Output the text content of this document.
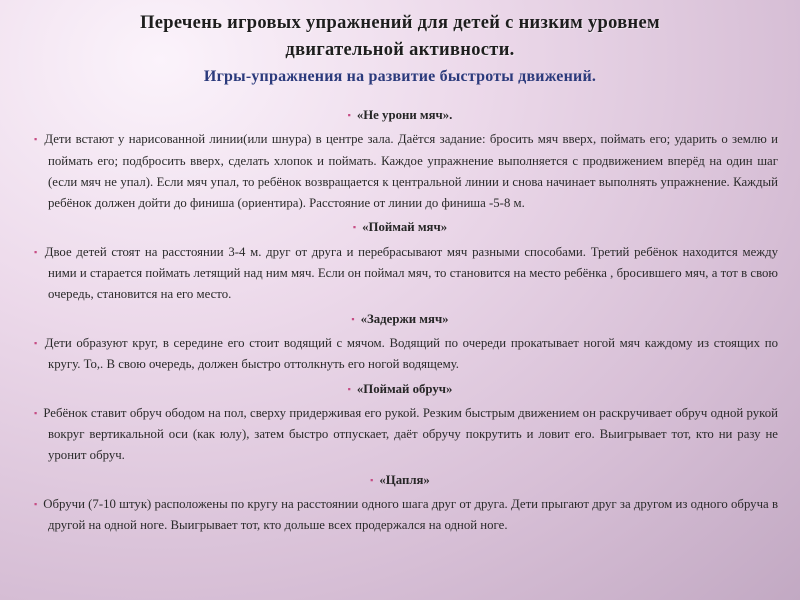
Перечень игровых упражнений для детей с низким уровнем
двигательной активности.
Игры-упражнения на развитие быстроты движений.
▪ «Не урони мяч».
▪ Дети встают у нарисованной линии(или шнура) в центре зала. Даётся задание: бросить мяч вверх, поймать его; ударить о землю и поймать его; подбросить вверх, сделать хлопок и поймать. Каждое упражнение выполняется с продвижением вперёд на один шаг (если мяч не упал). Если мяч упал, то ребёнок возвращается к центральной линии и снова начинает выполнять упражнение. Каждый ребёнок должен дойти до финиша (ориентира). Расстояние от линии до финиша -5-8 м.
▪ «Поймай мяч»
▪ Двое детей стоят на расстоянии 3-4 м. друг от друга и перебрасывают мяч разными способами. Третий ребёнок находится между ними и старается поймать летящий над ним мяч. Если он поймал мяч, то становится на место ребёнка , бросившего мяч, а тот в свою очередь, становится на его место.
▪ «Задержи мяч»
▪ Дети образуют круг, в середине его стоит водящий с мячом. Водящий по очереди прокатывает ногой мяч каждому из стоящих по кругу. То,. В свою очередь, должен быстро оттолкнуть его ногой водящему.
▪ «Поймай обруч»
▪ Ребёнок ставит обруч ободом на пол, сверху придерживая его рукой. Резким быстрым движением он раскручивает обруч одной рукой вокруг вертикальной оси (как юлу), затем быстро отпускает, даёт обручу покрутить и ловит его. Выигрывает тот, кто ни разу не уронит обруч.
▪ «Цапля»
▪ Обручи (7-10 штук) расположены по кругу на расстоянии одного шага друг от друга. Дети прыгают друг за другом из одного обруча в другой на одной ноге. Выигрывает тот, кто дольше всех продержался на одной ноге.
